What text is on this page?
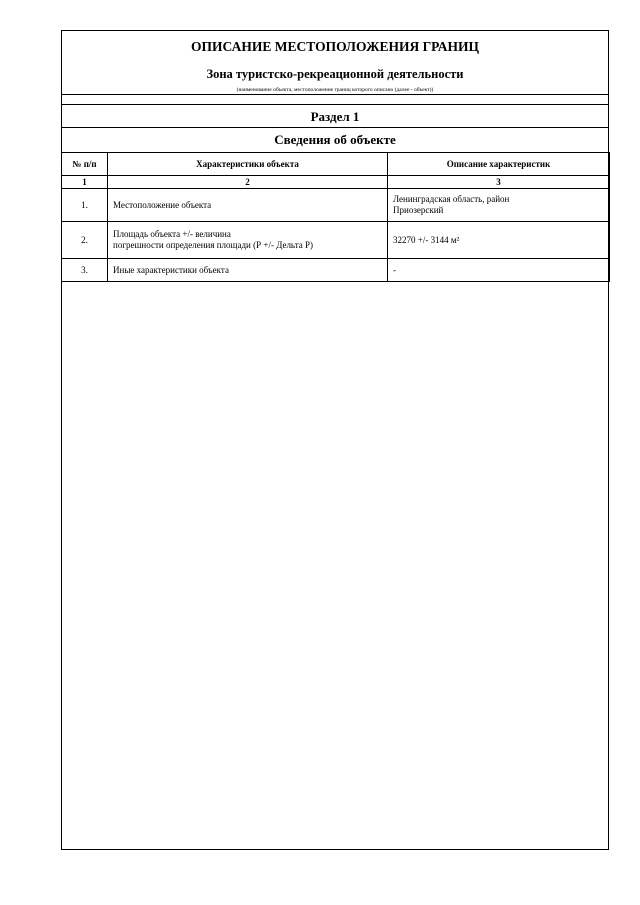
ОПИСАНИЕ МЕСТОПОЛОЖЕНИЯ ГРАНИЦ
Зона туристско-рекреационной деятельности
(наименование объекта, местоположение границ которого описано (далее - объект))
Раздел 1
Сведения об объекте
№ п/п	Характеристики объекта	Описание характеристик
1	2	3
1.	Местоположение объекта	Ленинградская область, район
Приозерский

2.	Площадь объекта +/- величина
погрешности определения площади (Р +/- Дельта Р)	32270 +/- 3144 м²

3.	Иные характеристики объекта	-
